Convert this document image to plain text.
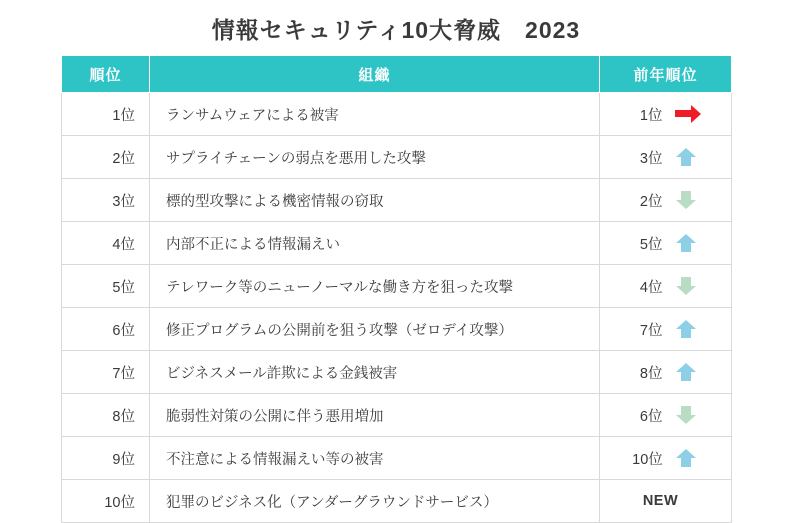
情報セキュリティ10大脅威　2023
順位	組織	前年順位
1位	ランサムウェアによる被害	1位

2位	サプライチェーンの弱点を悪用した攻撃	3位

3位	標的型攻撃による機密情報の窃取	2位

4位	内部不正による情報漏えい	5位

5位	テレワーク等のニューノーマルな働き方を狙った攻撃	4位

6位	修正プログラムの公開前を狙う攻撃（ゼロデイ攻撃）	7位

7位	ビジネスメール詐欺による金銭被害	8位

8位	脆弱性対策の公開に伴う悪用増加	6位

9位	不注意による情報漏えい等の被害	10位

10位	犯罪のビジネス化（アンダーグラウンドサービス）	NEW
